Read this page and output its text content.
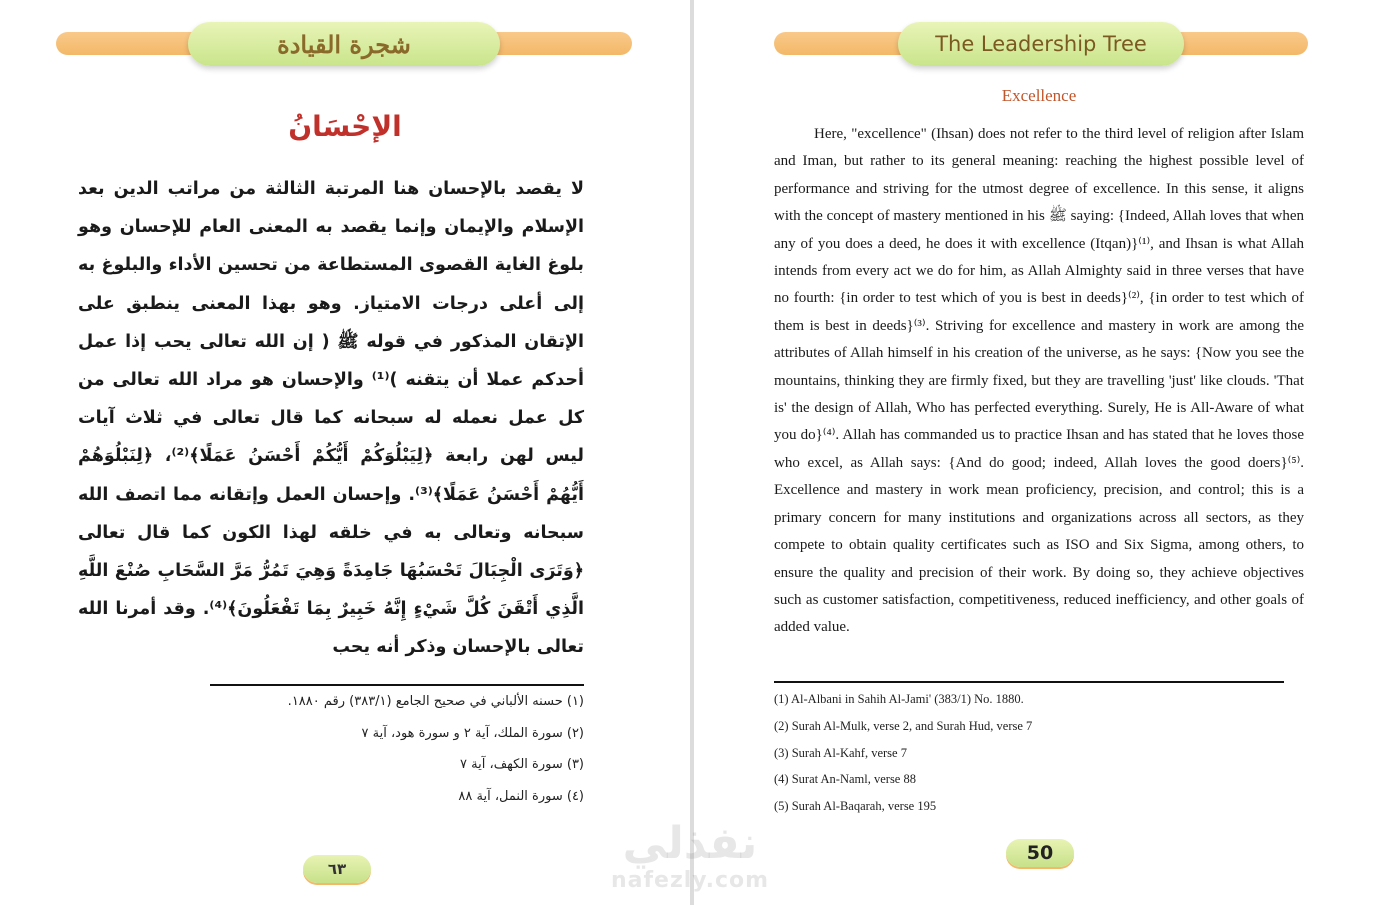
شجرة القيادة
الإحْسَانُ

لا يقصد بالإحسان هنا المرتبة الثالثة من مراتب الدين بعد الإسلام والإيمان وإنما يقصد به المعنى العام للإحسان وهو بلوغ الغاية القصوى المستطاعة من تحسين الأداء والبلوغ به إلى أعلى درجات الامتياز. وهو بهذا المعنى ينطبق على الإتقان المذكور في قوله ﷺ ( إن الله تعالى يحب إذا عمل أحدكم عملا أن يتقنه )⁽¹⁾ والإحسان هو مراد الله تعالى من كل عمل نعمله له سبحانه كما قال تعالى في ثلاث آيات ليس لهن رابعة ﴿لِيَبْلُوَكُمْ أَيُّكُمْ أَحْسَنُ عَمَلًا﴾⁽²⁾، ﴿لِنَبْلُوَهُمْ أَيُّهُمْ أَحْسَنُ عَمَلًا﴾⁽³⁾. وإحسان العمل وإتقانه مما اتصف الله سبحانه وتعالى به في خلقه لهذا الكون كما قال تعالى ﴿وَتَرَى الْجِبَالَ تَحْسَبُهَا جَامِدَةً وَهِيَ تَمُرُّ مَرَّ السَّحَابِ صُنْعَ اللَّهِ الَّذِي أَتْقَنَ كُلَّ شَيْءٍ إِنَّهُ خَبِيرٌ بِمَا تَفْعَلُونَ﴾⁽⁴⁾. وقد أمرنا الله تعالى بالإحسان وذكر أنه يحب

(١) حسنه الألباني في صحيح الجامع (٣٨٣/١) رقم ١٨٨٠.
(٢) سورة الملك، آية ٢ و سورة هود، آية ٧
(٣) سورة الكهف، آية ٧
(٤) سورة النمل، آية ٨٨
٦٣
The Leadership Tree
Excellence

Here, "excellence" (Ihsan) does not refer to the third level of religion after Islam and Iman, but rather to its general meaning: reaching the highest possible level of performance and striving for the utmost degree of excellence. In this sense, it aligns with the concept of mastery mentioned in his ﷺ saying: {Indeed, Allah loves that when any of you does a deed, he does it with excellence (Itqan)}⁽¹⁾, and Ihsan is what Allah intends from every act we do for him, as Allah Almighty said in three verses that have no fourth: {in order to test which of you is best in deeds}⁽²⁾, {in order to test which of them is best in deeds}⁽³⁾. Striving for excellence and mastery in work are among the attributes of Allah himself in his creation of the universe, as he says: {Now you see the mountains, thinking they are firmly fixed, but they are travelling 'just' like clouds. 'That is' the design of Allah, Who has perfected everything. Surely, He is All-Aware of what you do}⁽⁴⁾. Allah has commanded us to practice Ihsan and has stated that he loves those who excel, as Allah says: {And do good; indeed, Allah loves the good doers}⁽⁵⁾. Excellence and mastery in work mean proficiency, precision, and control; this is a primary concern for many institutions and organizations across all sectors, as they compete to obtain quality certificates such as ISO and Six Sigma, among others, to ensure the quality and precision of their work. By doing so, they achieve objectives such as customer satisfaction, competitiveness, reduced inefficiency, and other goals of added value.

(1) Al-Albani in Sahih Al-Jami' (383/1) No. 1880.
(2) Surah Al-Mulk, verse 2, and Surah Hud, verse 7
(3) Surah Al-Kahf, verse 7
(4) Surat An-Naml, verse 88
(5) Surah Al-Baqarah, verse 195
50
